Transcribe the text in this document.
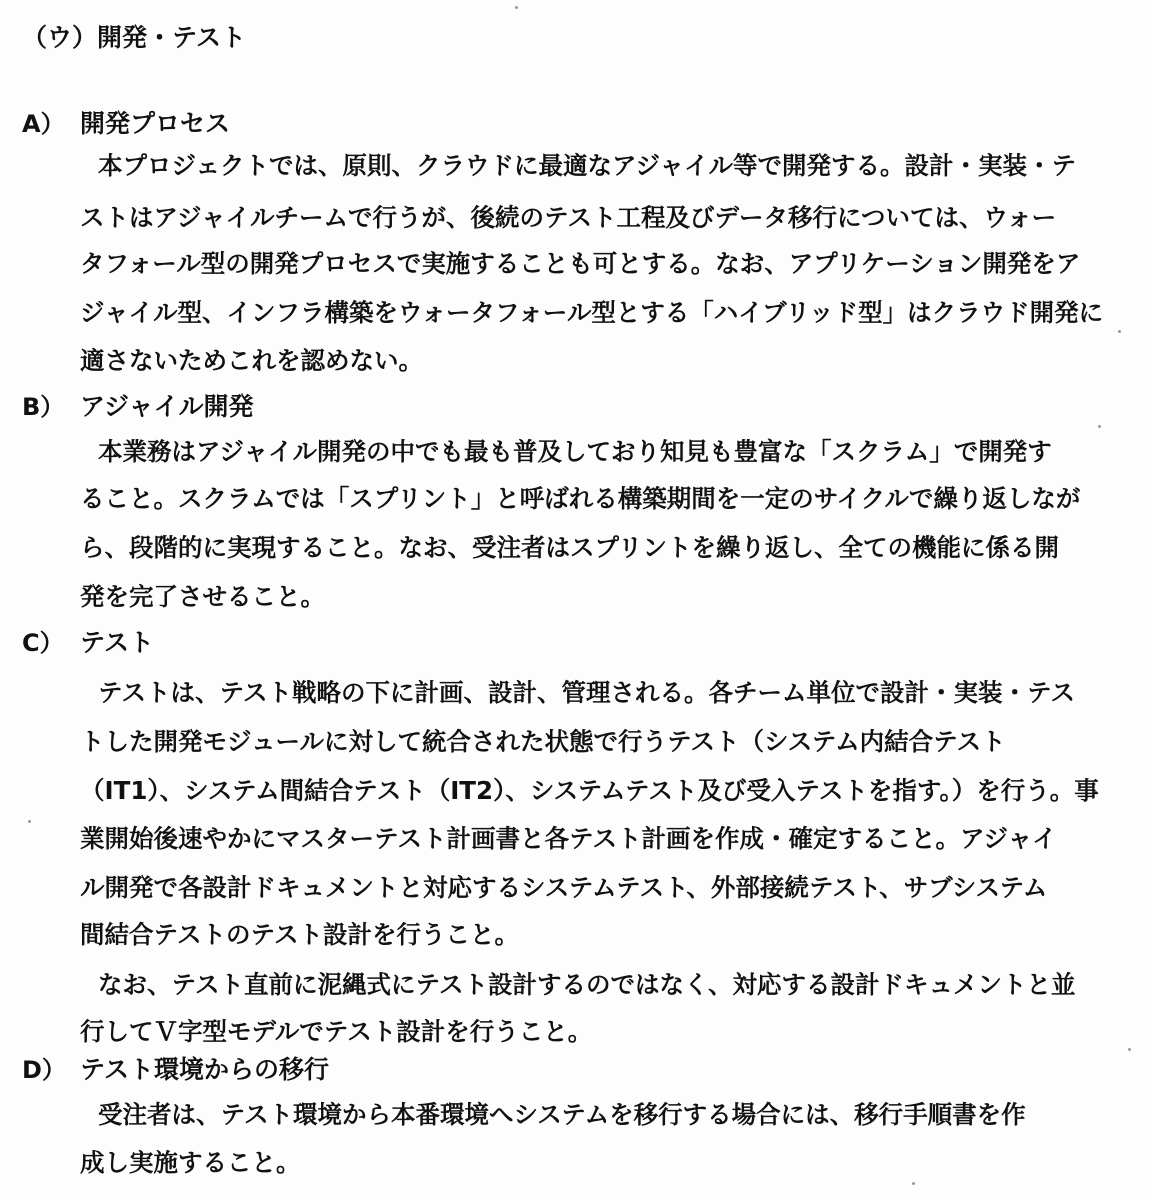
（ウ）開発・テスト
A） 開発プロセス
本プロジェクトでは、原則、クラウドに最適なアジャイル等で開発する。設計・実装・テ
ストはアジャイルチームで行うが、後続のテスト工程及びデータ移行については、ウォー
タフォール型の開発プロセスで実施することも可とする。なお、アプリケーション開発をア
ジャイル型、インフラ構築をウォータフォール型とする「ハイブリッド型」はクラウド開発に
適さないためこれを認めない。
B） アジャイル開発
本業務はアジャイル開発の中でも最も普及しており知見も豊富な「スクラム」で開発す
ること。スクラムでは「スプリント」と呼ばれる構築期間を一定のサイクルで繰り返しなが
ら、段階的に実現すること。なお、受注者はスプリントを繰り返し、全ての機能に係る開
発を完了させること。
C） テスト
テストは、テスト戦略の下に計画、設計、管理される。各チーム単位で設計・実装・テス
トした開発モジュールに対して統合された状態で行うテスト（システム内結合テスト
（IT1）、システム間結合テスト（IT2）、システムテスト及び受入テストを指す。）を行う。事
業開始後速やかにマスターテスト計画書と各テスト計画を作成・確定すること。アジャイ
ル開発で各設計ドキュメントと対応するシステムテスト、外部接続テスト、サブシステム
間結合テストのテスト設計を行うこと。
なお、テスト直前に泥縄式にテスト設計するのではなく、対応する設計ドキュメントと並
行してＶ字型モデルでテスト設計を行うこと。
D） テスト環境からの移行
受注者は、テスト環境から本番環境へシステムを移行する場合には、移行手順書を作
成し実施すること。
